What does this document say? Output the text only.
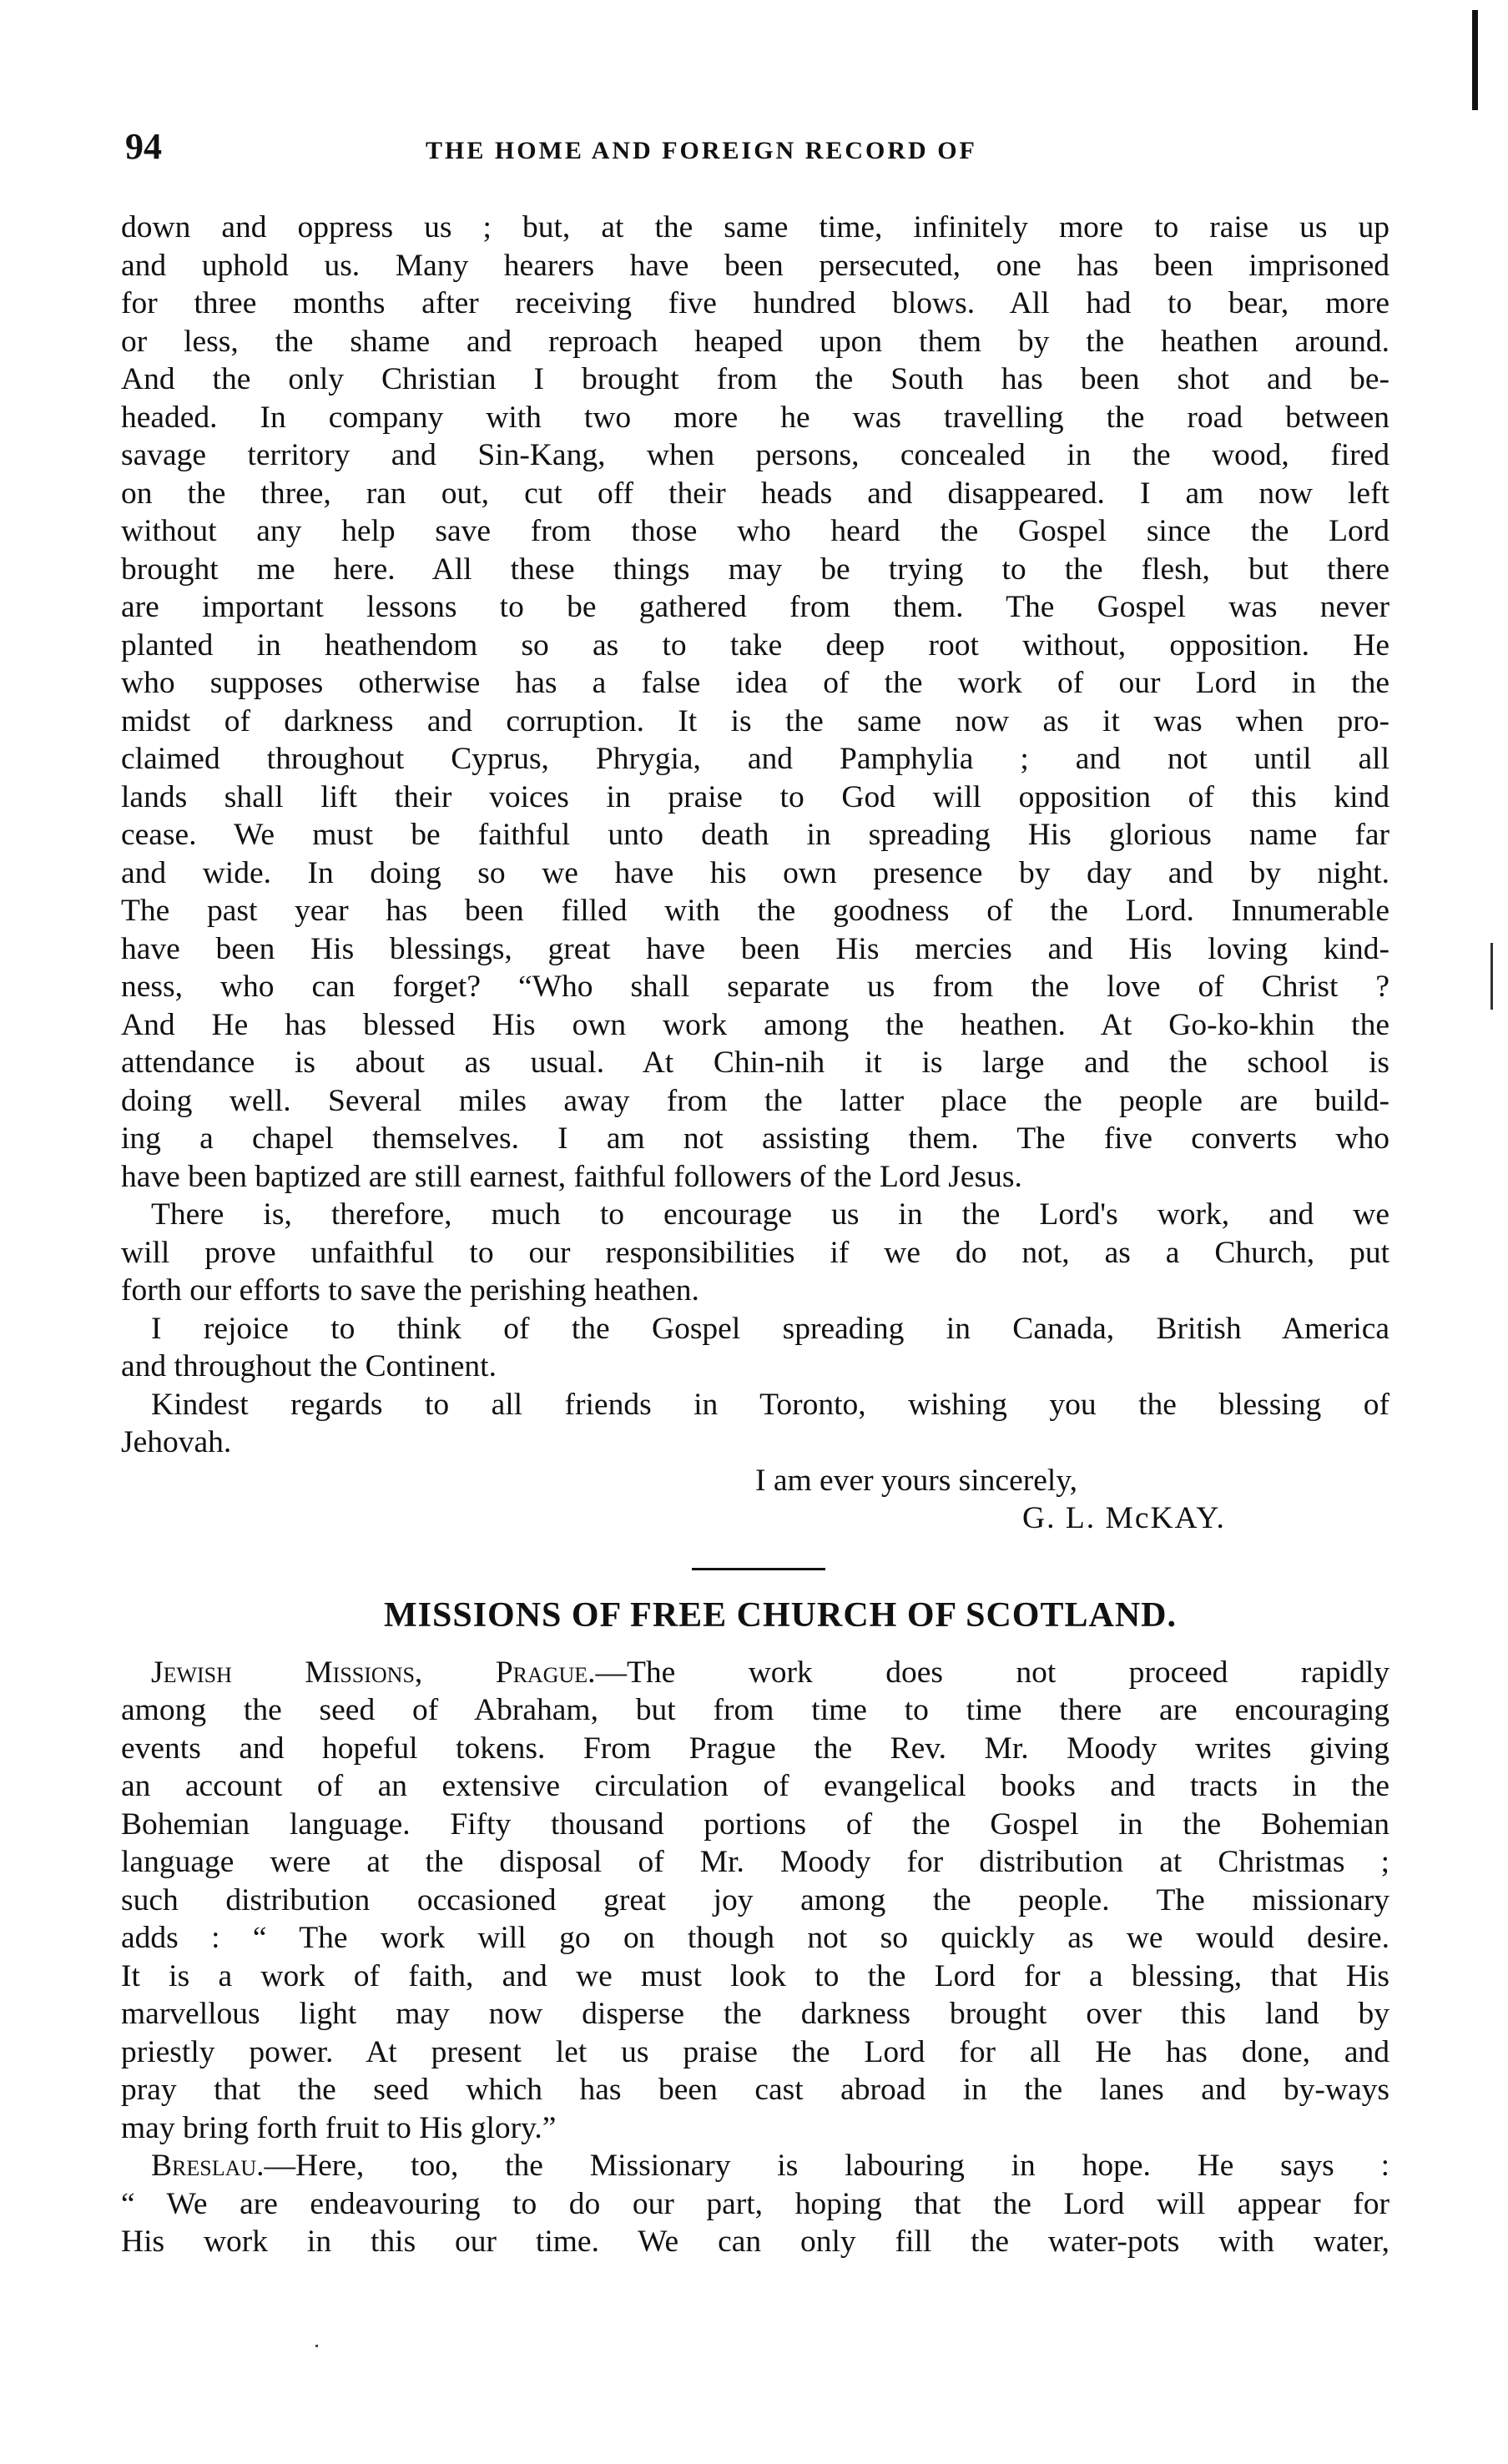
94	THE HOME AND FOREIGN RECORD OF
down and oppress us ; but, at the same time, infinitely more to raise us up
and uphold us. Many hearers have been persecuted, one has been imprisoned
for three months after receiving five hundred blows. All had to bear, more
or less, the shame and reproach heaped upon them by the heathen around.
And the only Christian I brought from the South has been shot and be-
headed. In company with two more he was travelling the road between
savage territory and Sin-Kang, when persons, concealed in the wood, fired
on the three, ran out, cut off their heads and disappeared. I am now left
without any help save from those who heard the Gospel since the Lord
brought me here. All these things may be trying to the flesh, but there
are important lessons to be gathered from them. The Gospel was never
planted in heathendom so as to take deep root without, opposition. He
who supposes otherwise has a false idea of the work of our Lord in the
midst of darkness and corruption. It is the same now as it was when pro-
claimed throughout Cyprus, Phrygia, and Pamphylia ; and not until all
lands shall lift their voices in praise to God will opposition of this kind
cease. We must be faithful unto death in spreading His glorious name far
and wide. In doing so we have his own presence by day and by night.
The past year has been filled with the goodness of the Lord. Innumerable
have been His blessings, great have been His mercies and His loving kind-
ness, who can forget? “Who shall separate us from the love of Christ ?
And He has blessed His own work among the heathen. At Go-ko-khin the
attendance is about as usual. At Chin-nih it is large and the school is
doing well. Several miles away from the latter place the people are build-
ing a chapel themselves. I am not assisting them. The five converts who
have been baptized are still earnest, faithful followers of the Lord Jesus.
There is, therefore, much to encourage us in the Lord's work, and we
will prove unfaithful to our responsibilities if we do not, as a Church, put
forth our efforts to save the perishing heathen.
I rejoice to think of the Gospel spreading in Canada, British America
and throughout the Continent.
Kindest regards to all friends in Toronto, wishing you the blessing of
Jehovah.
I am ever yours sincerely,
G. L. McKAY.
MISSIONS OF FREE CHURCH OF SCOTLAND.
Jewish Missions, Prague.—The work does not proceed rapidly
among the seed of Abraham, but from time to time there are encouraging
events and hopeful tokens. From Prague the Rev. Mr. Moody writes giving
an account of an extensive circulation of evangelical books and tracts in the
Bohemian language. Fifty thousand portions of the Gospel in the Bohemian
language were at the disposal of Mr. Moody for distribution at Christmas ;
such distribution occasioned great joy among the people. The missionary
adds : “ The work will go on though not so quickly as we would desire.
It is a work of faith, and we must look to the Lord for a blessing, that His
marvellous light may now disperse the darkness brought over this land by
priestly power. At present let us praise the Lord for all He has done, and
pray that the seed which has been cast abroad in the lanes and by-ways
may bring forth fruit to His glory.”
Breslau.—Here, too, the Missionary is labouring in hope. He says :
“ We are endeavouring to do our part, hoping that the Lord will appear for
His work in this our time. We can only fill the water-pots with water,
